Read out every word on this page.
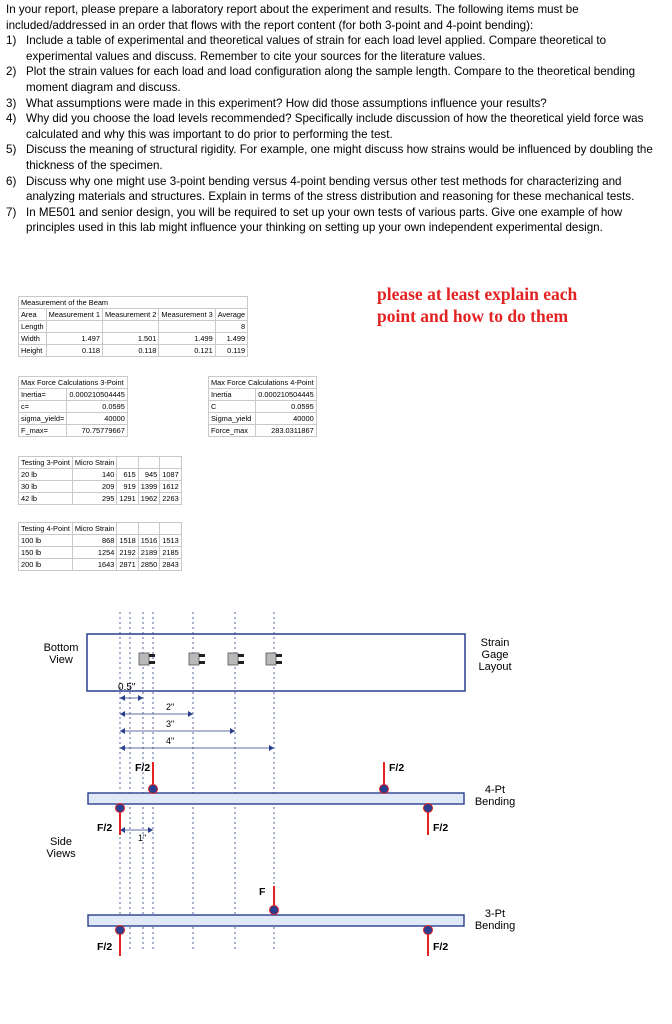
In your report, please prepare a laboratory report about the experiment and results. The following items must be included/addressed in an order that flows with the report content (for both 3-point and 4-point bending):

1) Include a table of experimental and theoretical values of strain for each load level applied. Compare theoretical to experimental values and discuss. Remember to cite your sources for the literature values.
2) Plot the strain values for each load and load configuration along the sample length. Compare to the theoretical bending moment diagram and discuss.
3) What assumptions were made in this experiment? How did those assumptions influence your results?
4) Why did you choose the load levels recommended? Specifically include discussion of how the theoretical yield force was calculated and why this was important to do prior to performing the test.
5) Discuss the meaning of structural rigidity. For example, one might discuss how strains would be influenced by doubling the thickness of the specimen.
6) Discuss why one might use 3-point bending versus 4-point bending versus other test methods for characterizing and analyzing materials and structures. Explain in terms of the stress distribution and reasoning for these mechanical tests.
7) In ME501 and senior design, you will be required to set up your own tests of various parts. Give one example of how principles used in this lab might influence your thinking on setting up your own independent experimental design.
please at least explain each point and how to do them
Measurement of the Beam				
Area	Measurement 1	Measurement 2	Measurement 3	Average
Length				8
Width	1.497	1.501	1.499	1.499
Height	0.118	0.118	0.121	0.119
Max Force Calculations 3-Point	
Inertia=	0.000210504445
c=	0.0595
sigma_yield=	40000
F_max=	70.75779667
Max Force Calculations 4-Point	
Inertia	0.000210504445
C	0.0595
Sigma_yield	40000
Force_max	283.0311867
Testing 3-Point	Micro Strain			
20 lb	140	615	945	1087
30 lb	209	919	1399	1612
42 lb	295	1291	1962	2263
Testing 4-Point	Micro Strain			
100 lb	868	1518	1516	1513
150 lb	1254	2192	2189	2185
200 lb	1643	2871	2850	2843
Bottom
View
Strain
Gage
Layout
Side
Views
4-Pt
Bending
3-Pt
Bending
0.5"
2"
3"
4"
1"
F/2	F/2
F/2	F/2
F
F/2	F/2
